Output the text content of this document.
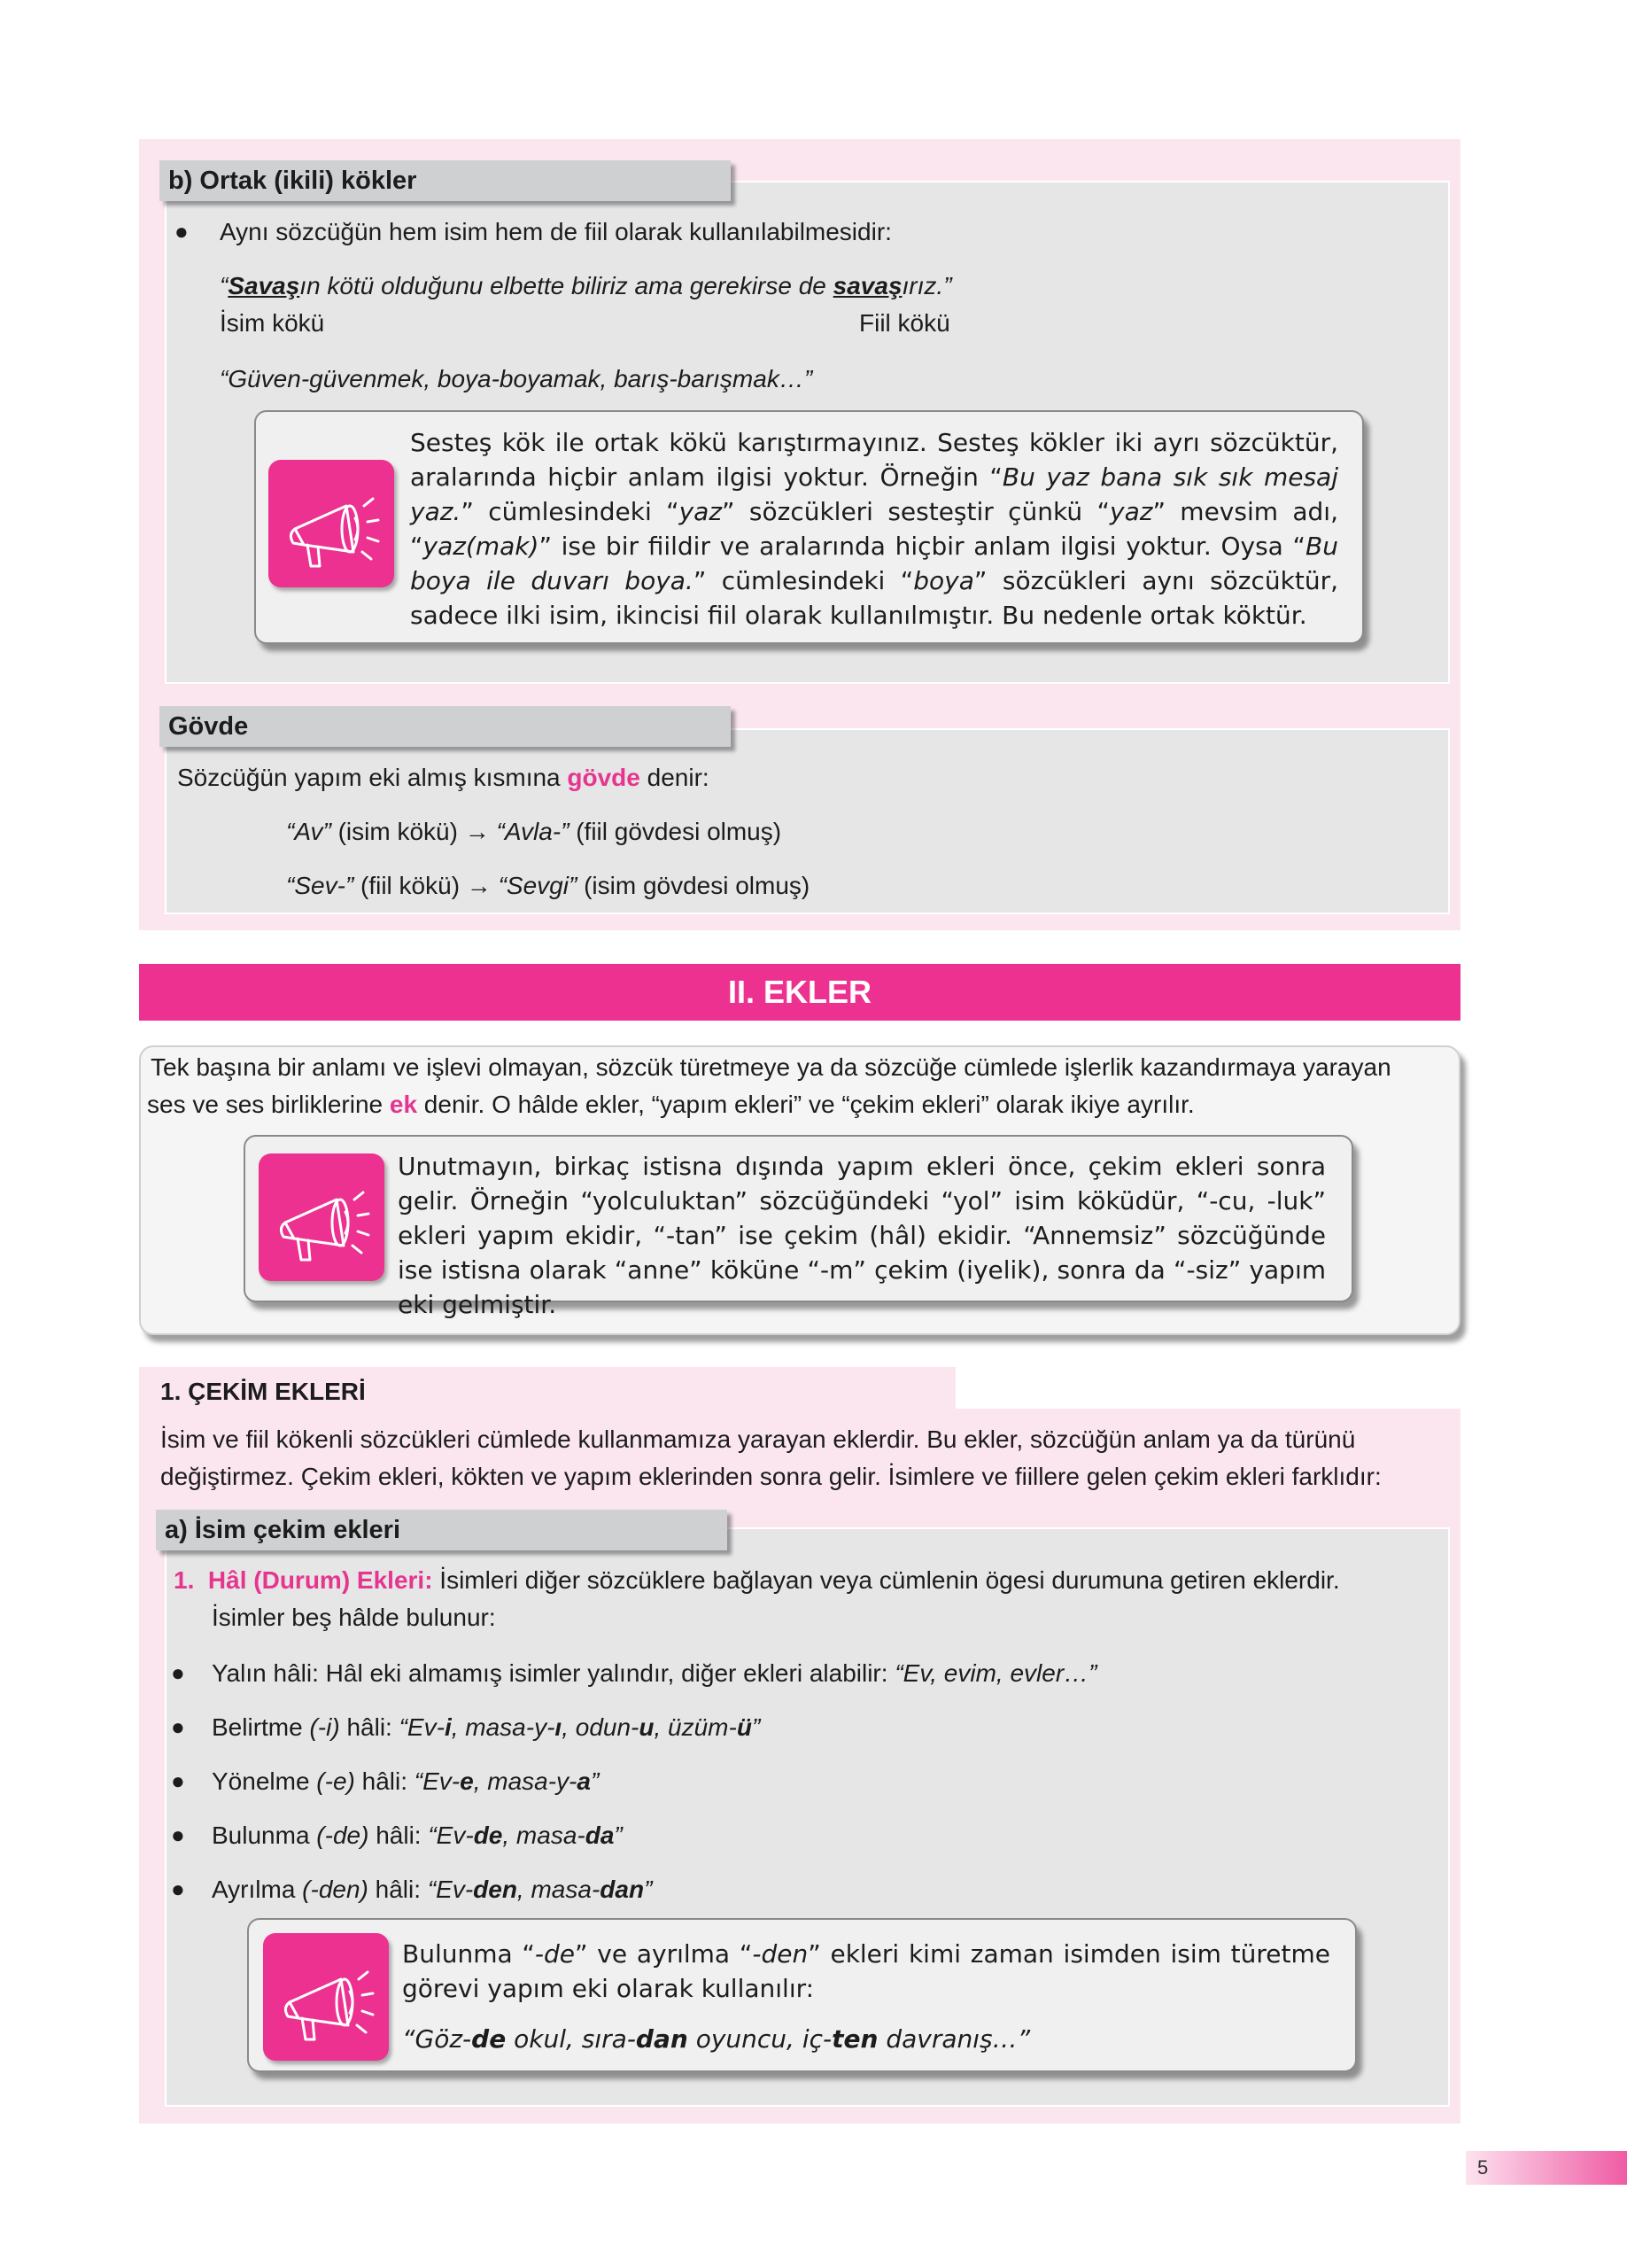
b) Ortak (ikili) kökler
● Aynı sözcüğün hem isim hem de fiil olarak kullanılabilmesidir:
“Savaşın kötü olduğunu elbette biliriz ama gerekirse de savaşırız.”
İsim kökü	Fiil kökü
“Güven-güvenmek, boya-boyamak, barış-barışmak…”
Sesteş kök ile ortak kökü karıştırmayınız. Sesteş kökler iki ayrı sözcüktür, aralarında hiçbir anlam ilgisi yoktur. Örneğin “Bu yaz bana sık sık mesaj yaz.” cümlesindeki “yaz” sözcükleri sesteştir çünkü “yaz” mevsim adı, “yaz(mak)” ise bir fiildir ve aralarında hiçbir anlam ilgisi yoktur. Oysa “Bu boya ile duvarı boya.” cümlesindeki “boya” sözcükleri aynı sözcüktür, sadece ilki isim, ikincisi fiil olarak kullanılmıştır. Bu nedenle ortak köktür.
Gövde
Sözcüğün yapım eki almış kısmına gövde denir:
“Av” (isim kökü) → “Avla-” (fiil gövdesi olmuş)
“Sev-” (fiil kökü) → “Sevgi” (isim gövdesi olmuş)
II. EKLER
Tek başına bir anlamı ve işlevi olmayan, sözcük türetmeye ya da sözcüğe cümlede işlerlik kazandırmaya yarayan
ses ve ses birliklerine ek denir. O hâlde ekler, “yapım ekleri” ve “çekim ekleri” olarak ikiye ayrılır.
Unutmayın, birkaç istisna dışında yapım ekleri önce, çekim ekleri sonra gelir. Örneğin “yolculuktan” sözcüğündeki “yol” isim köküdür, “-cu, -luk” ekleri yapım ekidir, “-tan” ise çekim (hâl) ekidir. “Annemsiz” sözcüğünde ise istisna olarak “anne” köküne “-m” çekim (iyelik), sonra da “-siz” yapım eki gelmiştir.
1. ÇEKİM EKLERİ
İsim ve fiil kökenli sözcükleri cümlede kullanmamıza yarayan eklerdir. Bu ekler, sözcüğün anlam ya da türünü
değiştirmez. Çekim ekleri, kökten ve yapım eklerinden sonra gelir. İsimlere ve fiillere gelen çekim ekleri farklıdır:
a) İsim çekim ekleri
1. Hâl (Durum) Ekleri: İsimleri diğer sözcüklere bağlayan veya cümlenin ögesi durumuna getiren eklerdir.
İsimler beş hâlde bulunur:
● Yalın hâli: Hâl eki almamış isimler yalındır, diğer ekleri alabilir: “Ev, evim, evler…”
● Belirtme (-i) hâli: “Ev-i, masa-y-ı, odun-u, üzüm-ü”
● Yönelme (-e) hâli: “Ev-e, masa-y-a”
● Bulunma (-de) hâli: “Ev-de, masa-da”
● Ayrılma (-den) hâli: “Ev-den, masa-dan”
Bulunma “-de” ve ayrılma “-den” ekleri kimi zaman isimden isim türetme görevi yapım eki olarak kullanılır:
“Göz-de okul, sıra-dan oyuncu, iç-ten davranış…”
5
